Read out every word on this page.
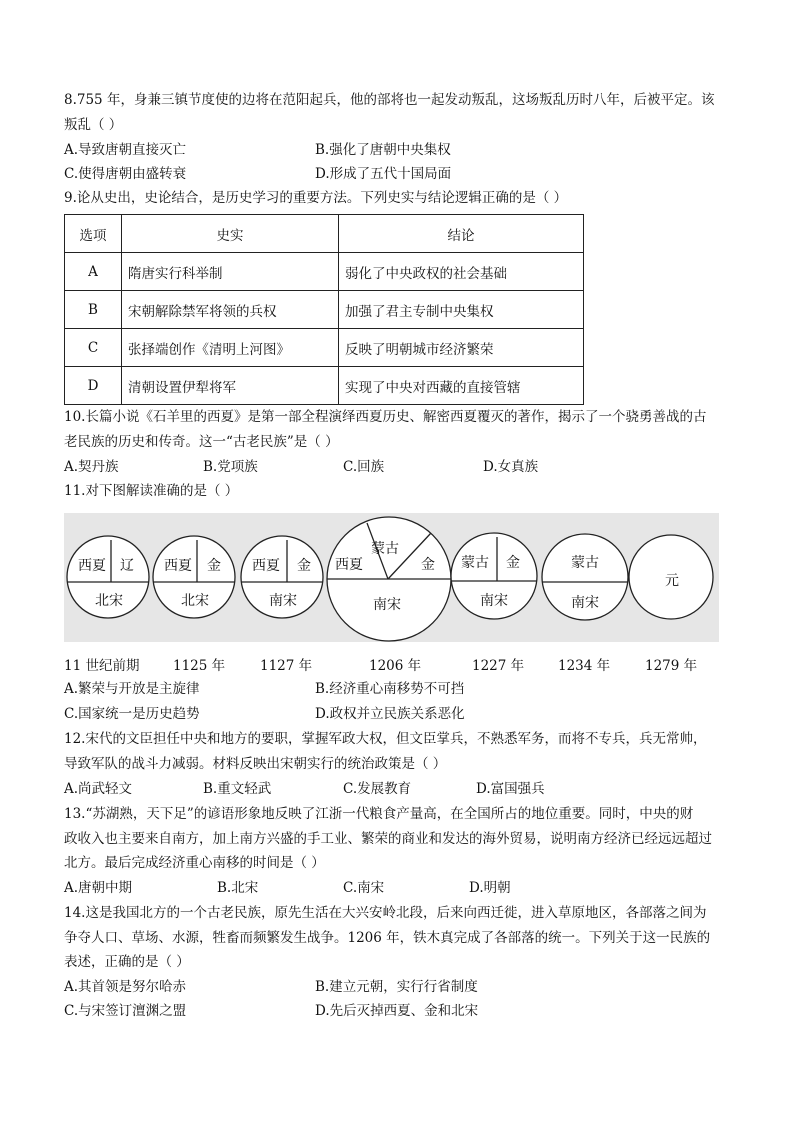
8.755 年，身兼三镇节度使的边将在范阳起兵，他的部将也一起发动叛乱，这场叛乱历时八年，后被平定。该
叛乱（ ）
A.导致唐朝直接灭亡	B.强化了唐朝中央集权
C.使得唐朝由盛转衰	D.形成了五代十国局面
9.论从史出，史论结合，是历史学习的重要方法。下列史实与结论逻辑正确的是（ ）
选项	史实	结论
A	隋唐实行科举制	弱化了中央政权的社会基础
B	宋朝解除禁军将领的兵权	加强了君主专制中央集权
C	张择端创作《清明上河图》	反映了明朝城市经济繁荣
D	清朝设置伊犁将军	实现了中央对西藏的直接管辖
10.长篇小说《石羊里的西夏》是第一部全程演绎西夏历史、解密西夏覆灭的著作，揭示了一个骁勇善战的古
老民族的历史和传奇。这一“古老民族”是（ ）
A.契丹族	B.党项族	C.回族	D.女真族
11.对下图解读准确的是（ ）
西夏 辽
北宋
西夏 金
北宋
西夏 金
南宋
西夏
蒙古
金
南宋
蒙古 金
南宋
蒙古
南宋
元
11 世纪前期 1125 年	1127 年	1206 年	1227 年	1234 年	1279 年
A.繁荣与开放是主旋律	B.经济重心南移势不可挡
C.国家统一是历史趋势	D.政权并立民族关系恶化
12.宋代的文臣担任中央和地方的要职，掌握军政大权，但文臣掌兵，不熟悉军务，而将不专兵，兵无常帅，
导致军队的战斗力减弱。材料反映出宋朝实行的统治政策是（ ）
A.尚武轻文	B.重文轻武	C.发展教育	D.富国强兵
13.“苏湖熟，天下足”的谚语形象地反映了江浙一代粮食产量高，在全国所占的地位重要。同时，中央的财
政收入也主要来自南方，加上南方兴盛的手工业、繁荣的商业和发达的海外贸易，说明南方经济已经远远超过
北方。最后完成经济重心南移的时间是（ ）
A.唐朝中期	B.北宋	C.南宋	D.明朝
14.这是我国北方的一个古老民族，原先生活在大兴安岭北段，后来向西迁徙，进入草原地区，各部落之间为
争夺人口、草场、水源，牲畜而频繁发生战争。1206 年，铁木真完成了各部落的统一。下列关于这一民族的
表述，正确的是（ ）
A.其首领是努尔哈赤	B.建立元朝，实行行省制度
C.与宋签订澶渊之盟	D.先后灭掉西夏、金和北宋
